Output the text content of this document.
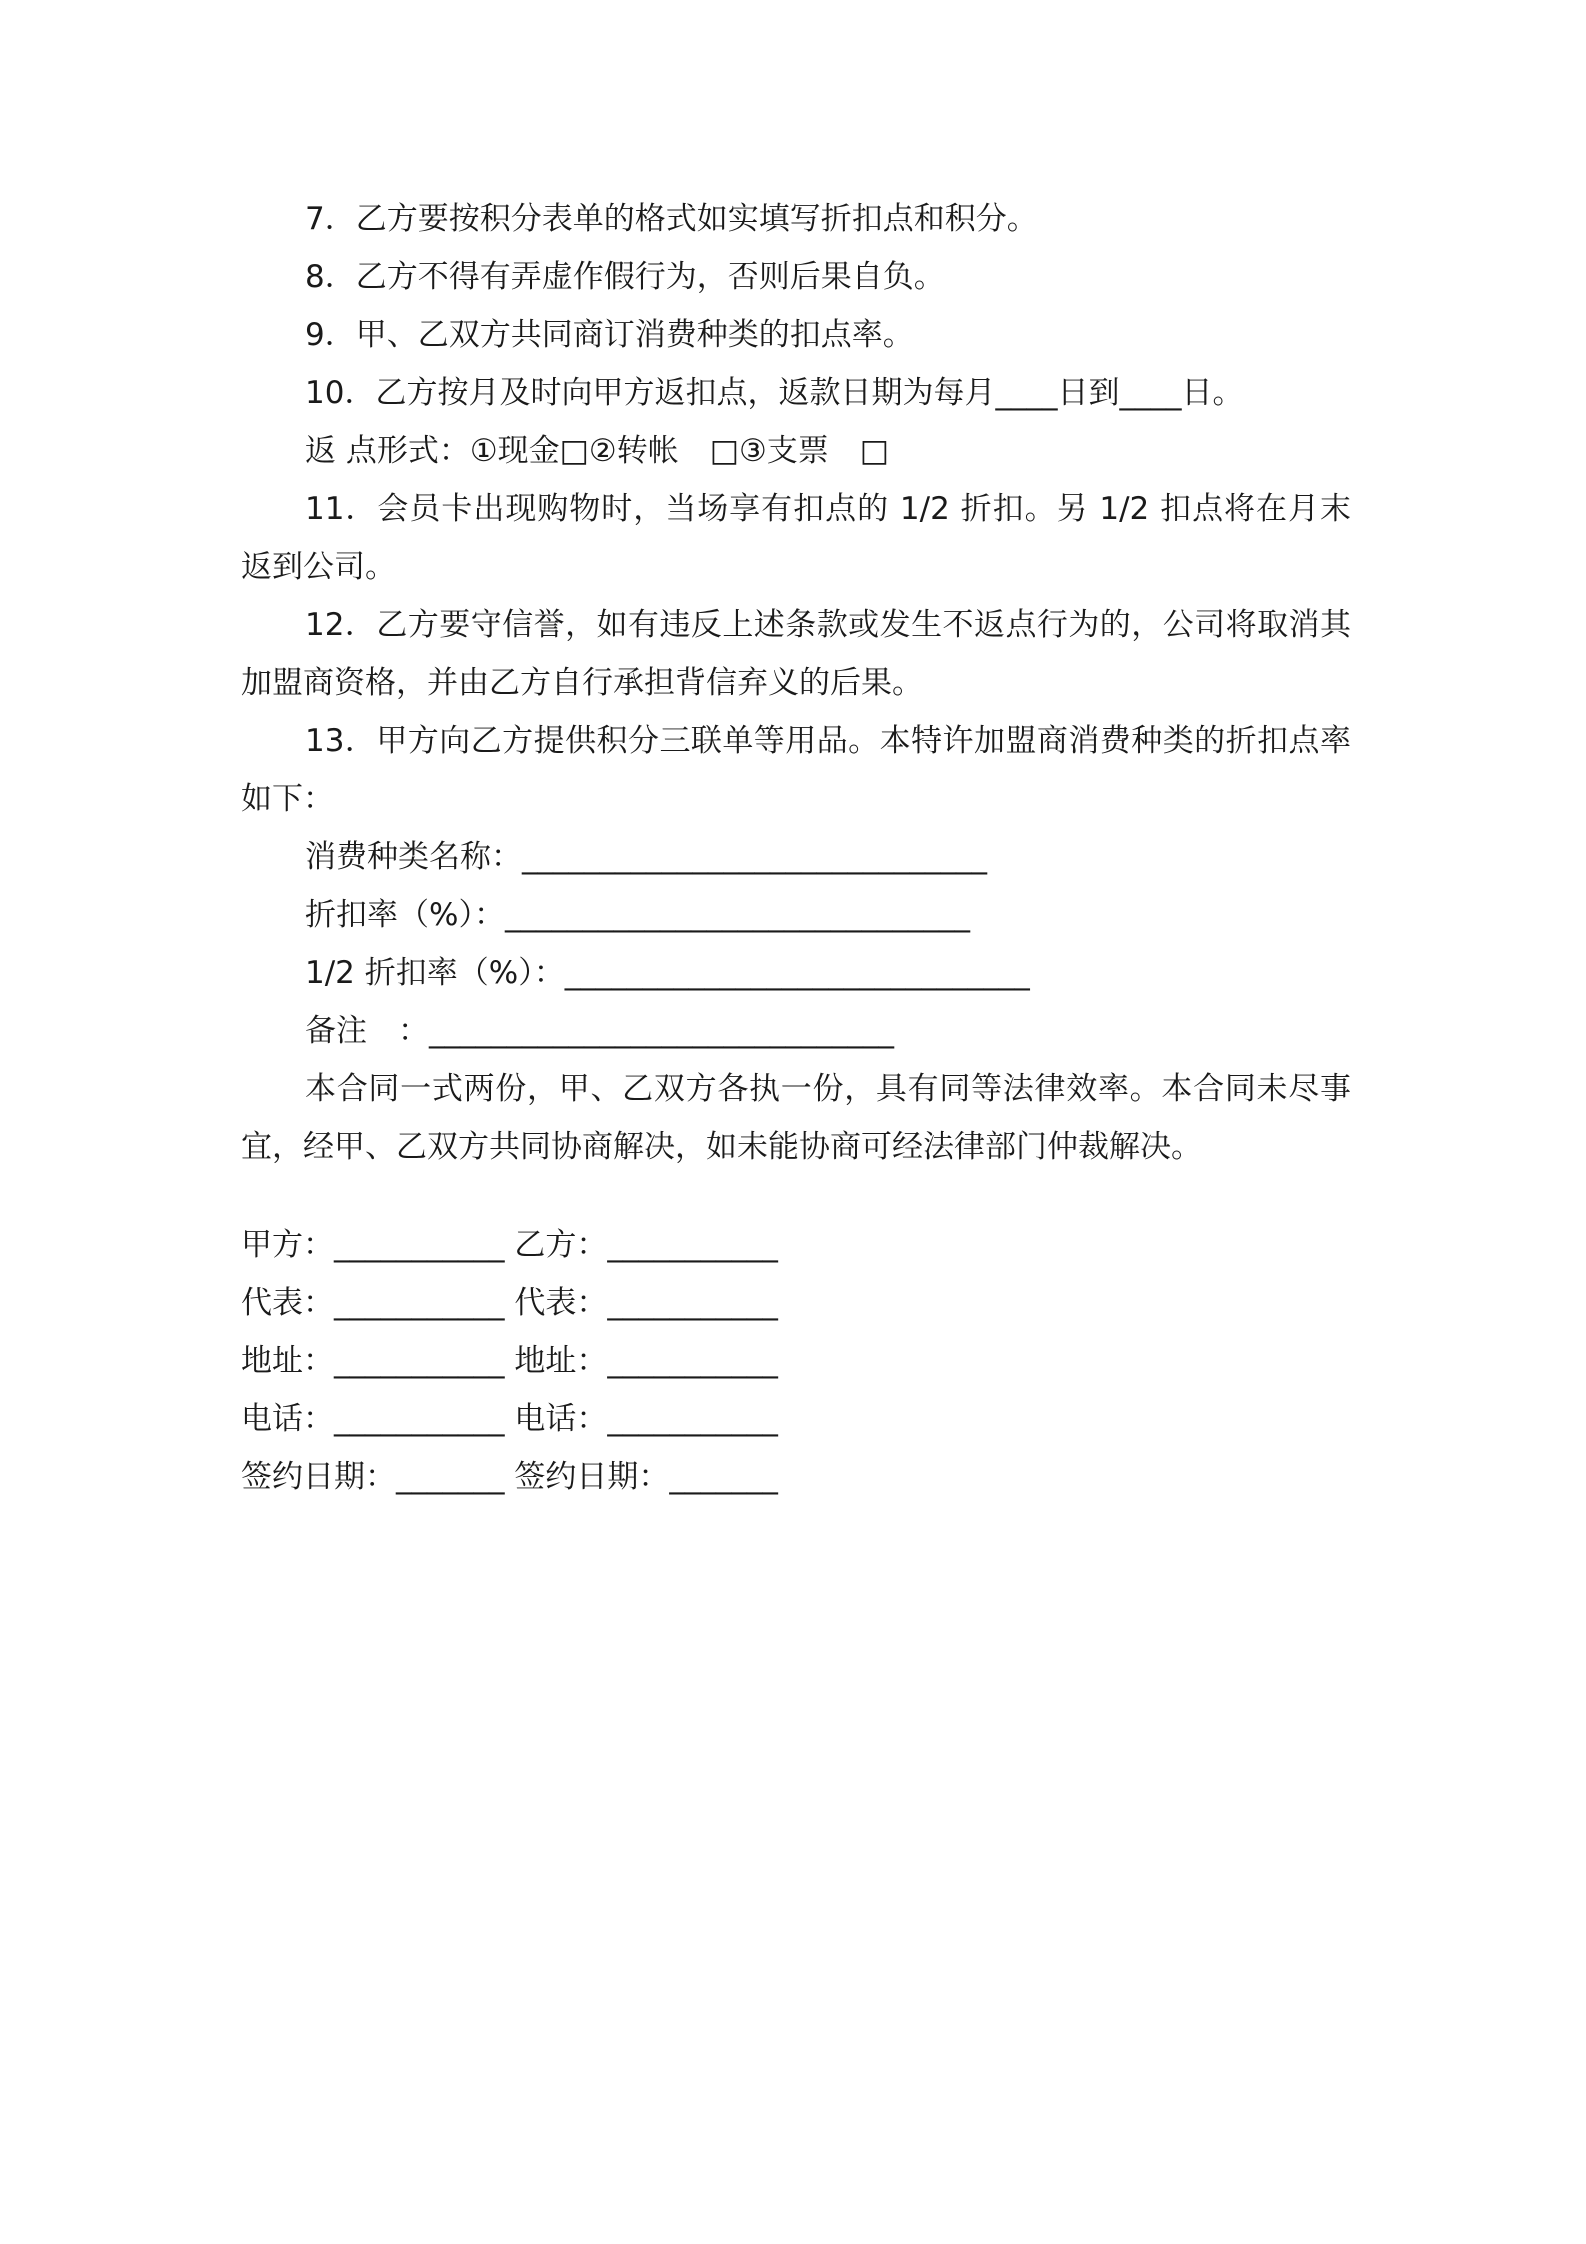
7．乙方要按积分表单的格式如实填写折扣点和积分。

8．乙方不得有弄虚作假行为，否则后果自负。

9．甲、乙双方共同商订消费种类的扣点率。

10．乙方按月及时向甲方返扣点，返款日期为每月____日到____日。

返 点形式：①现金□②转帐　□③支票　□

11．会员卡出现购物时，当场享有扣点的 1/2 折扣。另 1/2 扣点将在月末返到公司。

12．乙方要守信誉，如有违反上述条款或发生不返点行为的，公司将取消其加盟商资格，并由乙方自行承担背信弃义的后果。

13．甲方向乙方提供积分三联单等用品。本特许加盟商消费种类的折扣点率如下：

消费种类名称：______________________________

折扣率（%）：______________________________

1/2 折扣率（%）：______________________________

备注　：______________________________

本合同一式两份，甲、乙双方各执一份，具有同等法律效率。本合同未尽事宜，经甲、乙双方共同协商解决，如未能协商可经法律部门仲裁解决。

甲方：___________ 乙方：___________
代表：___________ 代表：___________
地址：___________ 地址：___________
电话：___________ 电话：___________
签约日期：_______ 签约日期：_______
